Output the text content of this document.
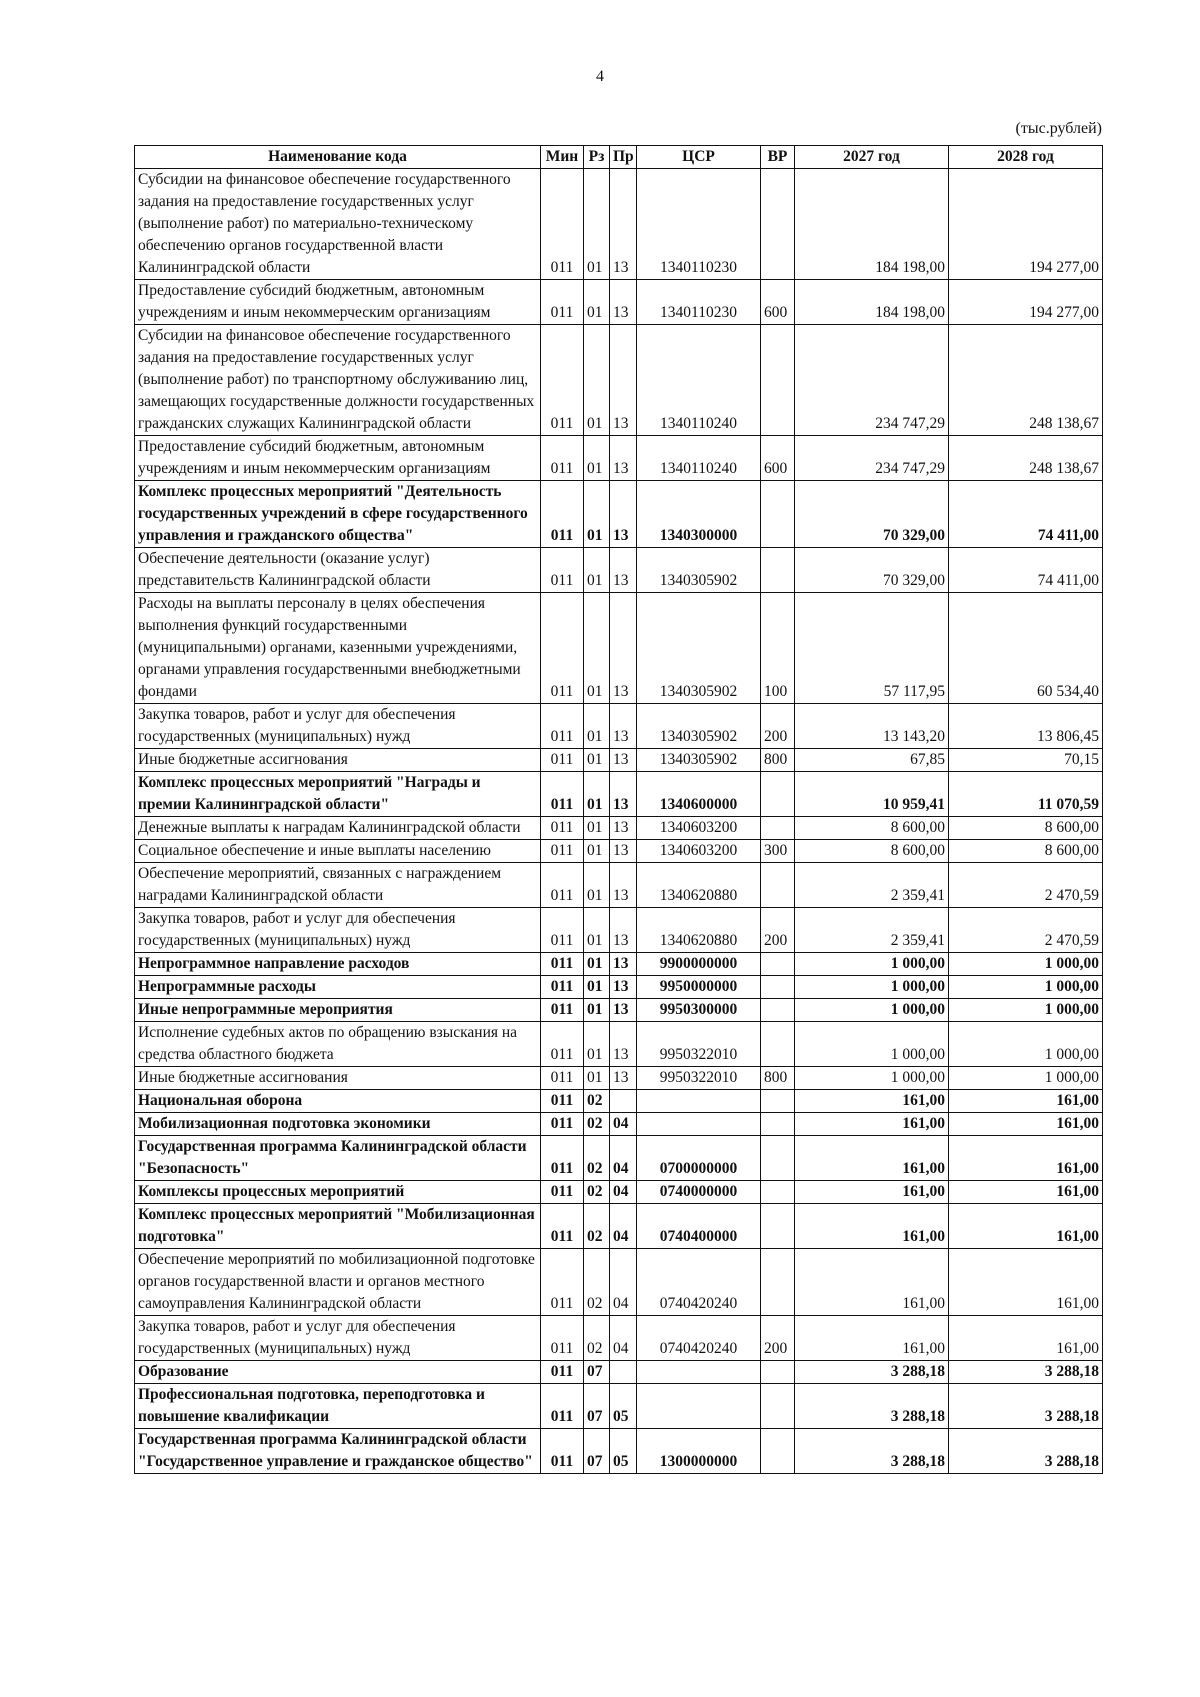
4
(тыс.рублей)
Наименование кода	Мин	Рз	Пр	ЦСР	ВР	2027 год	2028 год
Субсидии на финансовое обеспечение государственного задания на предоставление государственных услуг (выполнение работ) по материально-техническому обеспечению органов государственной власти Калининградской области	011	01	13	1340110230		184 198,00	194 277,00
Предоставление субсидий бюджетным, автономным учреждениям и иным некоммерческим организациям	011	01	13	1340110230	600	184 198,00	194 277,00
Субсидии на финансовое обеспечение государственного задания на предоставление государственных услуг (выполнение работ) по транспортному обслуживанию лиц, замещающих государственные должности государственных гражданских служащих Калининградской области	011	01	13	1340110240		234 747,29	248 138,67
Предоставление субсидий бюджетным, автономным учреждениям и иным некоммерческим организациям	011	01	13	1340110240	600	234 747,29	248 138,67
Комплекс процессных мероприятий "Деятельность государственных учреждений в сфере государственного управления и гражданского общества"	011	01	13	1340300000		70 329,00	74 411,00
Обеспечение деятельности (оказание услуг) представительств Калининградской области	011	01	13	1340305902		70 329,00	74 411,00
Расходы на выплаты персоналу в целях обеспечения выполнения функций государственными (муниципальными) органами, казенными учреждениями, органами управления государственными внебюджетными фондами	011	01	13	1340305902	100	57 117,95	60 534,40
Закупка товаров, работ и услуг для обеспечения государственных (муниципальных) нужд	011	01	13	1340305902	200	13 143,20	13 806,45
Иные бюджетные ассигнования	011	01	13	1340305902	800	67,85	70,15
Комплекс процессных мероприятий "Награды и премии Калининградской области"	011	01	13	1340600000		10 959,41	11 070,59
Денежные выплаты к наградам Калининградской области	011	01	13	1340603200		8 600,00	8 600,00
Социальное обеспечение и иные выплаты населению	011	01	13	1340603200	300	8 600,00	8 600,00
Обеспечение мероприятий, связанных с награждением наградами Калининградской области	011	01	13	1340620880		2 359,41	2 470,59
Закупка товаров, работ и услуг для обеспечения государственных (муниципальных) нужд	011	01	13	1340620880	200	2 359,41	2 470,59
Непрограммное направление расходов	011	01	13	9900000000		1 000,00	1 000,00
Непрограммные расходы	011	01	13	9950000000		1 000,00	1 000,00
Иные непрограммные мероприятия	011	01	13	9950300000		1 000,00	1 000,00
Исполнение судебных актов по обращению взыскания на средства областного бюджета	011	01	13	9950322010		1 000,00	1 000,00
Иные бюджетные ассигнования	011	01	13	9950322010	800	1 000,00	1 000,00
Национальная оборона	011	02				161,00	161,00
Мобилизационная подготовка экономики	011	02	04			161,00	161,00
Государственная программа Калининградской области "Безопасность"	011	02	04	0700000000		161,00	161,00
Комплексы процессных мероприятий	011	02	04	0740000000		161,00	161,00
Комплекс процессных мероприятий "Мобилизационная подготовка"	011	02	04	0740400000		161,00	161,00
Обеспечение мероприятий по мобилизационной подготовке органов государственной власти и органов местного самоуправления Калининградской области	011	02	04	0740420240		161,00	161,00
Закупка товаров, работ и услуг для обеспечения государственных (муниципальных) нужд	011	02	04	0740420240	200	161,00	161,00
Образование	011	07				3 288,18	3 288,18
Профессиональная подготовка, переподготовка и повышение квалификации	011	07	05			3 288,18	3 288,18
Государственная программа Калининградской области "Государственное управление и гражданское общество"	011	07	05	1300000000		3 288,18	3 288,18
